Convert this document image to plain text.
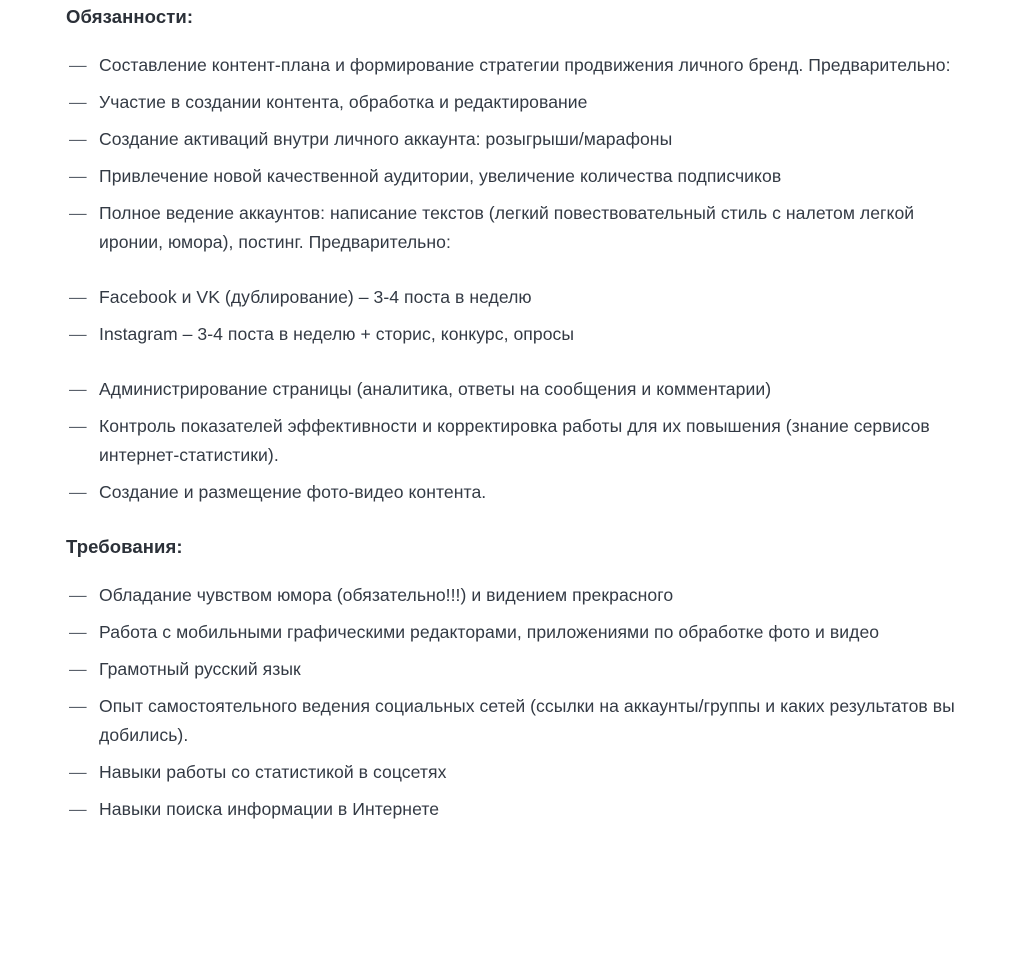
Обязанности:
— Составление контент-плана и формирование стратегии продвижения личного бренд. Предварительно:
— Участие в создании контента, обработка и редактирование
— Создание активаций внутри личного аккаунта: розыгрыши/марафоны
— Привлечение новой качественной аудитории, увеличение количества подписчиков
— Полное ведение аккаунтов: написание текстов (легкий повествовательный стиль с налетом легкой иронии, юмора), постинг. Предварительно:
— Facebook и VK (дублирование) – 3-4 поста в неделю
— Instagram – 3-4 поста в неделю + сторис, конкурс, опросы
— Администрирование страницы (аналитика, ответы на сообщения и комментарии)
— Контроль показателей эффективности и корректировка работы для их повышения (знание сервисов интернет-статистики).
— Создание и размещение фото-видео контента.
Требования:
— Обладание чувством юмора (обязательно!!!) и видением прекрасного
— Работа с мобильными графическими редакторами, приложениями по обработке фото и видео
— Грамотный русский язык
— Опыт самостоятельного ведения социальных сетей (ссылки на аккаунты/группы и каких результатов вы добились).
— Навыки работы со статистикой в соцсетях
— Навыки поиска информации в Интернете
